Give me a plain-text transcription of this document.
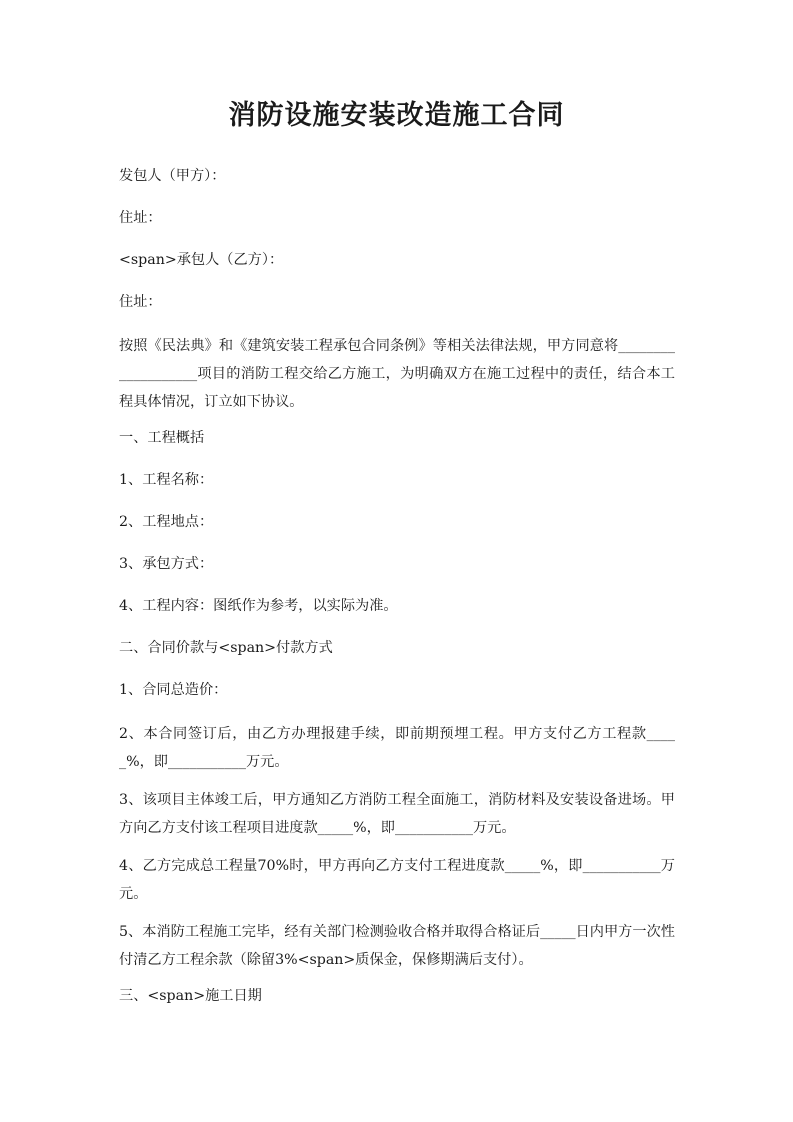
消防设施安装改造施工合同

发包人（甲方）：

住址：

<span>承包人（乙方）：

住址：

按照《民法典》和《建筑安装工程承包合同条例》等相关法律法规，甲方同意将___________________项目的消防工程交给乙方施工，为明确双方在施工过程中的责任，结合本工程具体情况，订立如下协议。

一、工程概括

1、工程名称：

2、工程地点：

3、承包方式：

4、工程内容：图纸作为参考，以实际为准。

二、合同价款与<span>付款方式

1、合同总造价：

2、本合同签订后，由乙方办理报建手续，即前期预埋工程。甲方支付乙方工程款_____%，即___________万元。

3、该项目主体竣工后，甲方通知乙方消防工程全面施工，消防材料及安装设备进场。甲方向乙方支付该工程项目进度款_____%，即___________万元。

4、乙方完成总工程量70%时，甲方再向乙方支付工程进度款_____%，即___________万元。

5、本消防工程施工完毕，经有关部门检测验收合格并取得合格证后_____日内甲方一次性付清乙方工程余款（除留3%<span>质保金，保修期满后支付）。

三、<span>施工日期
